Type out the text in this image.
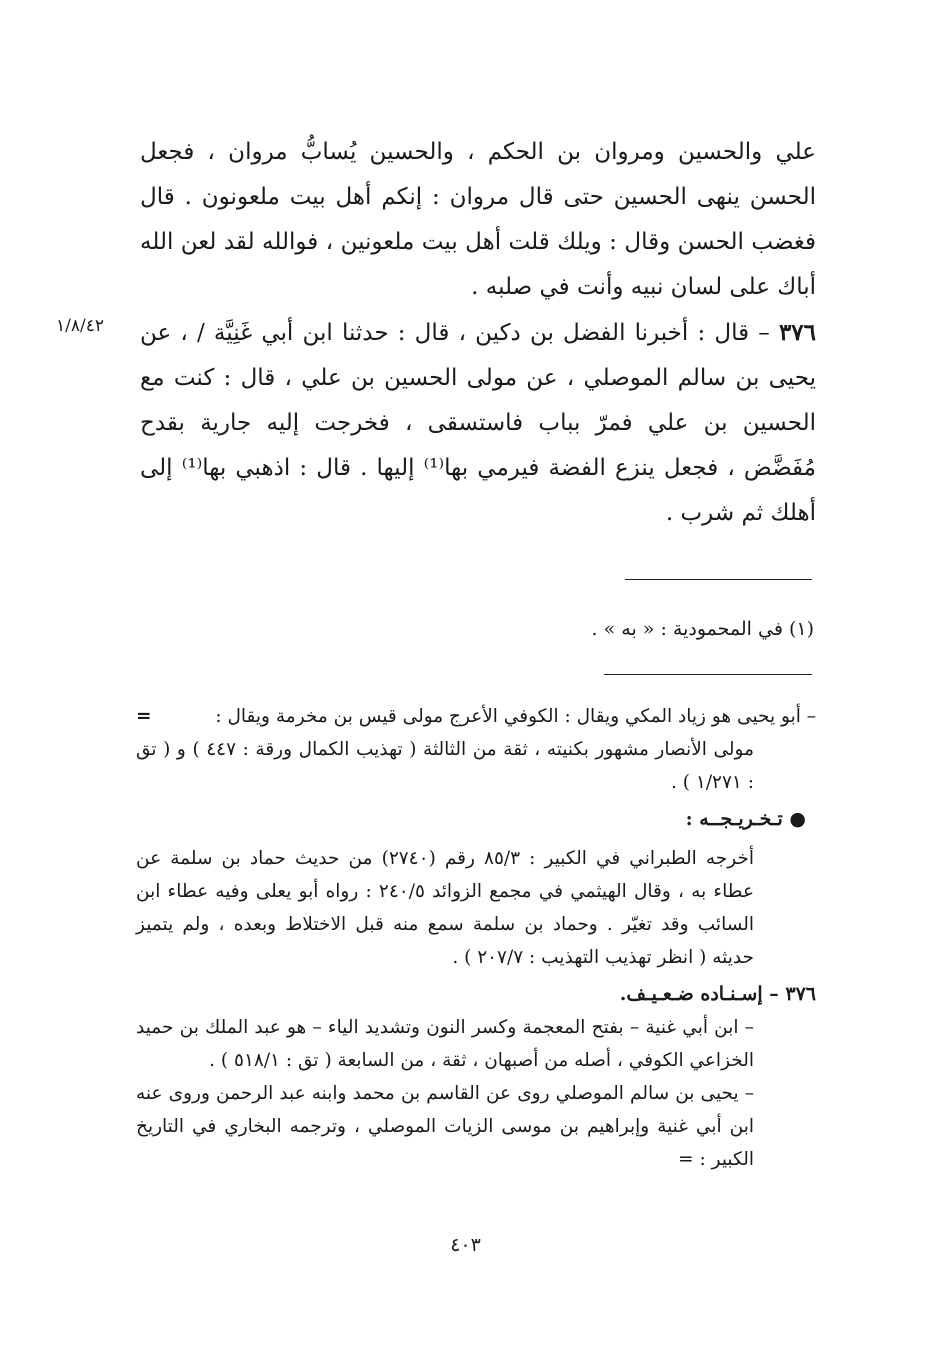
علي والحسين ومروان بن الحكم ، والحسين يُسابُّ مروان ، فجعل الحسن ينهى الحسين حتى قال مروان : إنكم أهل بيت ملعونون . قال فغضب الحسن وقال : ويلك قلت أهل بيت ملعونين ، فوالله لقد لعن الله أباك على لسان نبيه وأنت في صلبه .

٣٧٦ – قال : أخبرنا الفضل بن دكين ، قال : حدثنا ابن أبي غَنِيَّة / ، عن يحيى بن سالم الموصلي ، عن مولى الحسين بن علي ، قال : كنت مع الحسين بن علي فمرّ بباب فاستسقى ، فخرجت إليه جارية بقدح مُفَضَّض ، فجعل ينزع الفضة فيرمي بها⁽¹⁾ إليها . قال : اذهبي بها⁽¹⁾ إلى أهلك ثم شرب .

١/٨/٤٢
(١) في المحمودية : « به » .
– أبو يحيى هو زياد المكي ويقال : الكوفي الأعرج مولى قيس بن مخرمة ويقال :
=
مولى الأنصار مشهور بكنيته ، ثقة من الثالثة ( تهذيب الكمال ورقة : ٤٤٧ ) و ( تق : ١/٢٧١ ) .
● تـخـريـجــه :
أخرجه الطبراني في الكبير : ٨٥/٣ رقم (٢٧٤٠) من حديث حماد بن سلمة عن عطاء به ، وقال الهيثمي في مجمع الزوائد ٢٤٠/٥ : رواه أبو يعلى وفيه عطاء ابن السائب وقد تغيّر . وحماد بن سلمة سمع منه قبل الاختلاط وبعده ، ولم يتميز حديثه ( انظر تهذيب التهذيب : ٢٠٧/٧ ) .
٣٧٦ – إسـنـاده ضـعـيـف.
– ابن أبي غنية – بفتح المعجمة وكسر النون وتشديد الياء – هو عبد الملك بن حميد الخزاعي الكوفي ، أصله من أصبهان ، ثقة ، من السابعة ( تق : ٥١٨/١ ) .
– يحيى بن سالم الموصلي روى عن القاسم بن محمد وابنه عبد الرحمن وروى عنه ابن أبي غنية وإبراهيم بن موسى الزيات الموصلي ، وترجمه البخاري في التاريخ الكبير : =
٤٠٣
